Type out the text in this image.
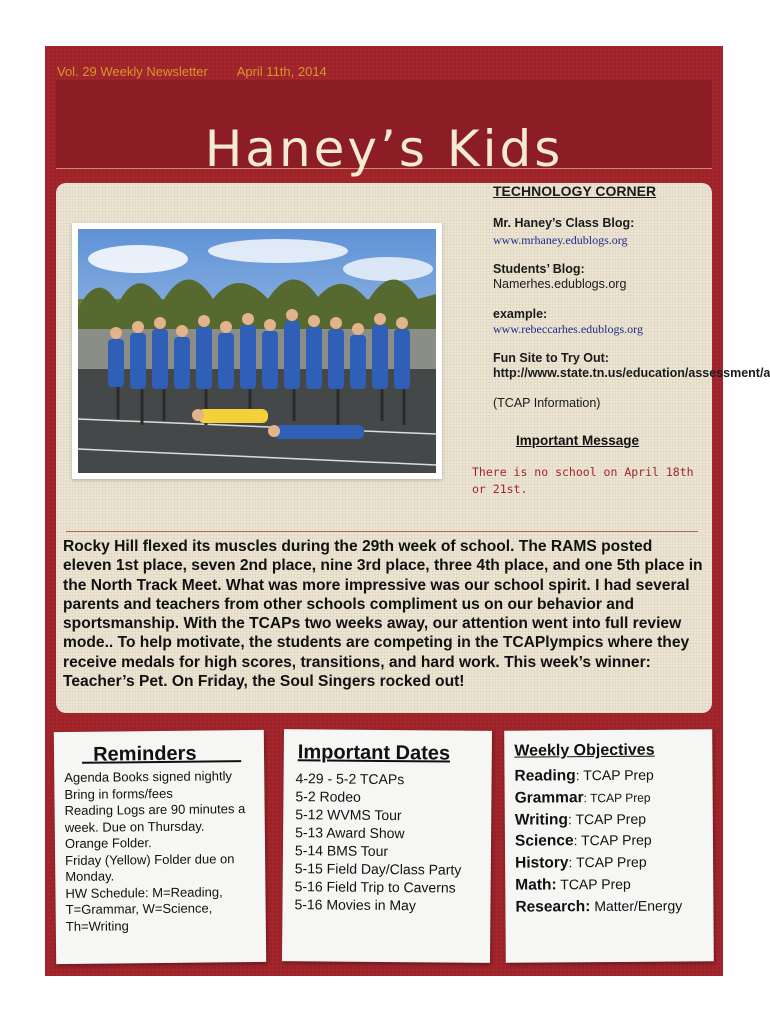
Vol. 29 Weekly Newsletter April 11th, 2014
Haney’s Kids
TECHNOLOGY CORNER
Mr. Haney’s Class Blog:
www.mrhaney.edublogs.org
Students’ Blog:
Namerhes.edublogs.org
example:
www.rebeccarhes.edublogs.org
Fun Site to Try Out:
http://www.state.tn.us/education/assessment/a
(TCAP Information)
Important Message
There is no school on April 18th or 21st.
Rocky Hill flexed its muscles during the 29th week of school. The RAMS posted eleven 1st place, seven 2nd place, nine 3rd place, three 4th place, and one 5th place in the North Track Meet. What was more impressive was our school spirit. I had several parents and teachers from other schools compliment us on our behavior and sportsmanship. With the TCAPs two weeks away, our attention went into full review mode.. To help motivate, the students are competing in the TCAPlympics where they receive medals for high scores, transitions, and hard work. This week’s winner: Teacher’s Pet. On Friday, the Soul Singers rocked out!
_Reminders____
Agenda Books signed nightly
Bring in forms/fees
Reading Logs are 90 minutes a week. Due on Thursday.
Orange Folder.
Friday (Yellow) Folder due on Monday.
HW Schedule: M=Reading, T=Grammar, W=Science, Th=Writing
Important Dates
4-29 - 5-2 TCAPs
5-2 Rodeo
5-12 WVMS Tour
5-13 Award Show
5-14 BMS Tour
5-15 Field Day/Class Party
5-16 Field Trip to Caverns
5-16 Movies in May
Weekly Objectives
Reading: TCAP Prep
Grammar: TCAP Prep
Writing: TCAP Prep
Science: TCAP Prep
History: TCAP Prep
Math: TCAP Prep
Research: Matter/Energy
